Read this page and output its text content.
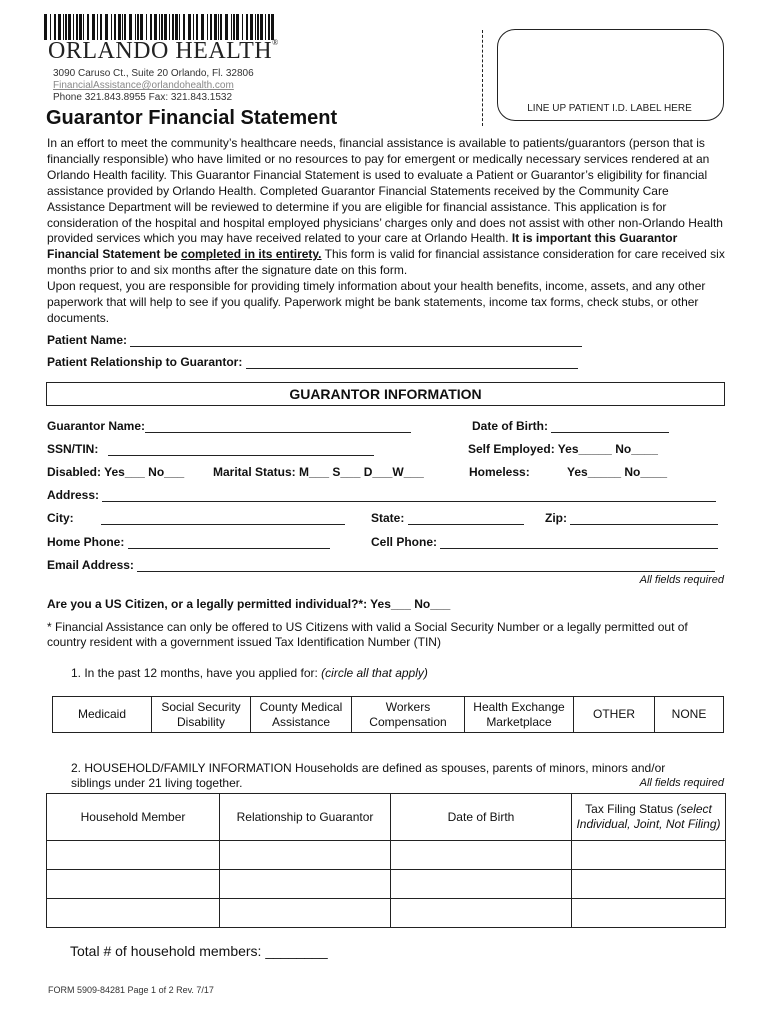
ORLANDO HEALTH®
3090 Caruso Ct., Suite 20 Orlando, Fl. 32806
FinancialAssistance@orlandohealth.com
Phone 321.843.8955 Fax: 321.843.1532
LINE UP PATIENT I.D. LABEL HERE
Guarantor Financial Statement

In an effort to meet the community’s healthcare needs, financial assistance is available to patients/guarantors (person that is financially responsible) who have limited or no resources to pay for emergent or medically necessary services rendered at an Orlando Health facility. This Guarantor Financial Statement is used to evaluate a Patient or Guarantor’s eligibility for financial assistance provided by Orlando Health. Completed Guarantor Financial Statements received by the Community Care Assistance Department will be reviewed to determine if you are eligible for financial assistance. This application is for consideration of the hospital and hospital employed physicians’ charges only and does not assist with other non-Orlando Health provided services which you may have received related to your care at Orlando Health. It is important this Guarantor Financial Statement be completed in its entirety. This form is valid for financial assistance consideration for care received six months prior to and six months after the signature date on this form.

Upon request, you are responsible for providing timely information about your health benefits, income, assets, and any other paperwork that will help to see if you qualify. Paperwork might be bank statements, income tax forms, check stubs, or other documents.

Patient Name:
Patient Relationship to Guarantor:
GUARANTOR INFORMATION
Guarantor Name:	Date of Birth:
SSN/TIN:	Self Employed: Yes_____ No____
Disabled: Yes___ No___ Marital Status: M___ S___ D___W___	Homeless:	Yes_____ No____
Address:
City:	State:	Zip:
Home Phone:	Cell Phone:
Email Address:
All fields required
Are you a US Citizen, or a legally permitted individual?*: Yes___ No___
* Financial Assistance can only be offered to US Citizens with valid a Social Security Number or a legally permitted out of country resident with a government issued Tax Identification Number (TIN)
1. In the past 12 months, have you applied for: (circle all that apply)
Medicaid	Social Security Disability	County Medical Assistance	Workers Compensation	Health Exchange Marketplace	OTHER	NONE
2. HOUSEHOLD/FAMILY INFORMATION Households are defined as spouses, parents of minors, minors and/or siblings under 21 living together.	All fields required
Household Member	Relationship to Guarantor	Date of Birth	Tax Filing Status (select Individual, Joint, Not Filing)

Total # of household members: ________
FORM 5909-84281 Page 1 of 2 Rev. 7/17
